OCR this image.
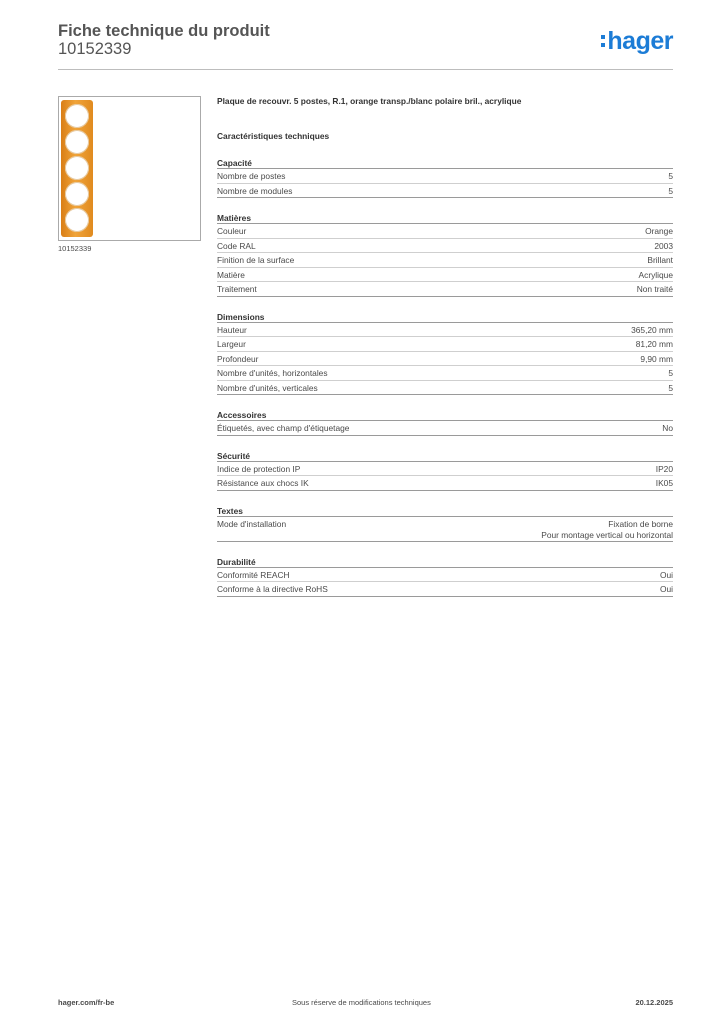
Fiche technique du produit
10152339	hager
10152339
Plaque de recouvr. 5 postes, R.1, orange transp./blanc polaire bril., acrylique
Caractéristiques techniques
Capacité
Nombre de postes	5
Nombre de modules	5
Matières
Couleur	Orange
Code RAL	2003
Finition de la surface	Brillant
Matière	Acrylique
Traitement	Non traité
Dimensions
Hauteur	365,20 mm
Largeur	81,20 mm
Profondeur	9,90 mm
Nombre d'unités, horizontales	5
Nombre d'unités, verticales	5
Accessoires
Étiquetés, avec champ d'étiquetage	No
Sécurité
Indice de protection IP	IP20
Résistance aux chocs IK	IK05
Textes
Mode d'installation	Fixation de borne
Pour montage vertical ou horizontal
Durabilité
Conformité REACH	Oui
Conforme à la directive RoHS	Oui
hager.com/fr-be	Sous réserve de modifications techniques	20.12.2025
